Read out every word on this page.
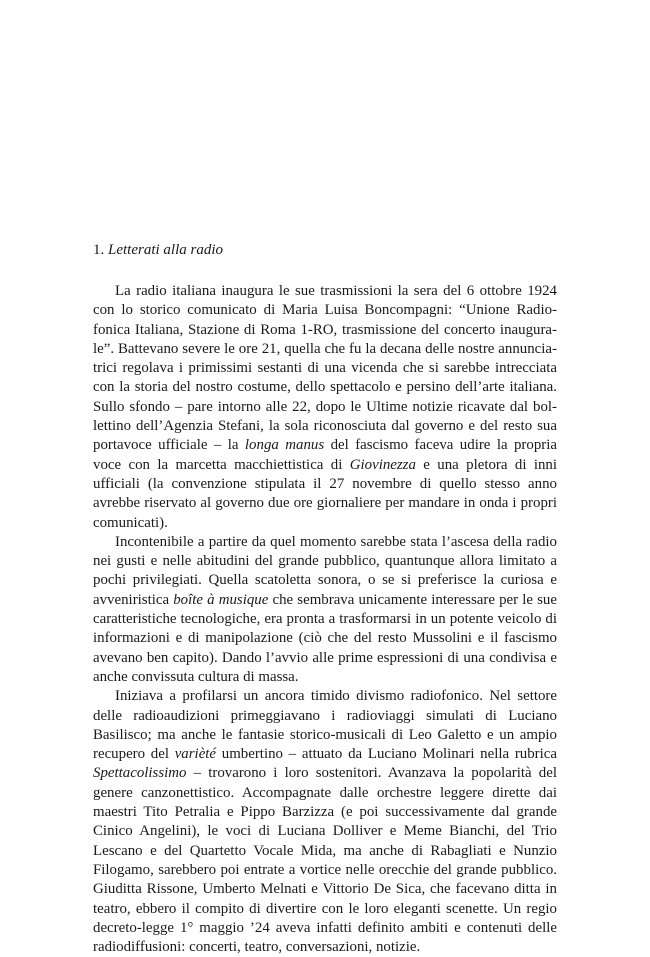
1. Letterati alla radio

La radio italiana inaugura le sue trasmissioni la sera del 6 ottobre 1924 con lo storico comunicato di Maria Luisa Boncompagni: “Unione Radiofonica Italiana, Stazione di Roma 1-RO, trasmissione del concerto inaugurale”. Battevano severe le ore 21, quella che fu la decana delle nostre annunciatrici regolava i primissimi sestanti di una vicenda che si sarebbe intrecciata con la storia del nostro costume, dello spettacolo e persino dell’arte italiana. Sullo sfondo – pare intorno alle 22, dopo le Ultime notizie ricavate dal bollettino dell’Agenzia Stefani, la sola riconosciuta dal governo e del resto sua portavoce ufficiale – la longa manus del fascismo faceva udire la propria voce con la marcetta macchiettistica di Giovinezza e una pletora di inni ufficiali (la convenzione stipulata il 27 novembre di quello stesso anno avrebbe riservato al governo due ore giornaliere per mandare in onda i propri comunicati).

Incontenibile a partire da quel momento sarebbe stata l’ascesa della radio nei gusti e nelle abitudini del grande pubblico, quantunque allora limitato a pochi privilegiati. Quella scatoletta sonora, o se si preferisce la curiosa e avveniristica boîte à musique che sembrava unicamente interessare per le sue caratteristiche tecnologiche, era pronta a trasformarsi in un potente veicolo di informazioni e di manipolazione (ciò che del resto Mussolini e il fascismo avevano ben capito). Dando l’avvio alle prime espressioni di una condivisa e anche convissuta cultura di massa.

Iniziava a profilarsi un ancora timido divismo radiofonico. Nel settore delle radioaudizioni primeggiavano i radioviaggi simulati di Luciano Basilisco; ma anche le fantasie storico-musicali di Leo Galetto e un ampio recupero del varièté umbertino – attuato da Luciano Molinari nella rubrica Spettacolissimo – trovarono i loro sostenitori. Avanzava la popolarità del genere canzonettistico. Accompagnate dalle orchestre leggere dirette dai maestri Tito Petralia e Pippo Barzizza (e poi successivamente dal grande Cinico Angelini), le voci di Luciana Dolliver e Meme Bianchi, del Trio Lescano e del Quartetto Vocale Mida, ma anche di Rabagliati e Nunzio Filogamo, sarebbero poi entrate a vortice nelle orecchie del grande pubblico. Giuditta Rissone, Umberto Melnati e Vittorio De Sica, che facevano ditta in teatro, ebbero il compito di divertire con le loro eleganti scenette. Un regio decreto-legge 1° maggio ’24 aveva infatti definito ambiti e contenuti delle radiodiffusioni: concerti, teatro, conversazioni, notizie.
